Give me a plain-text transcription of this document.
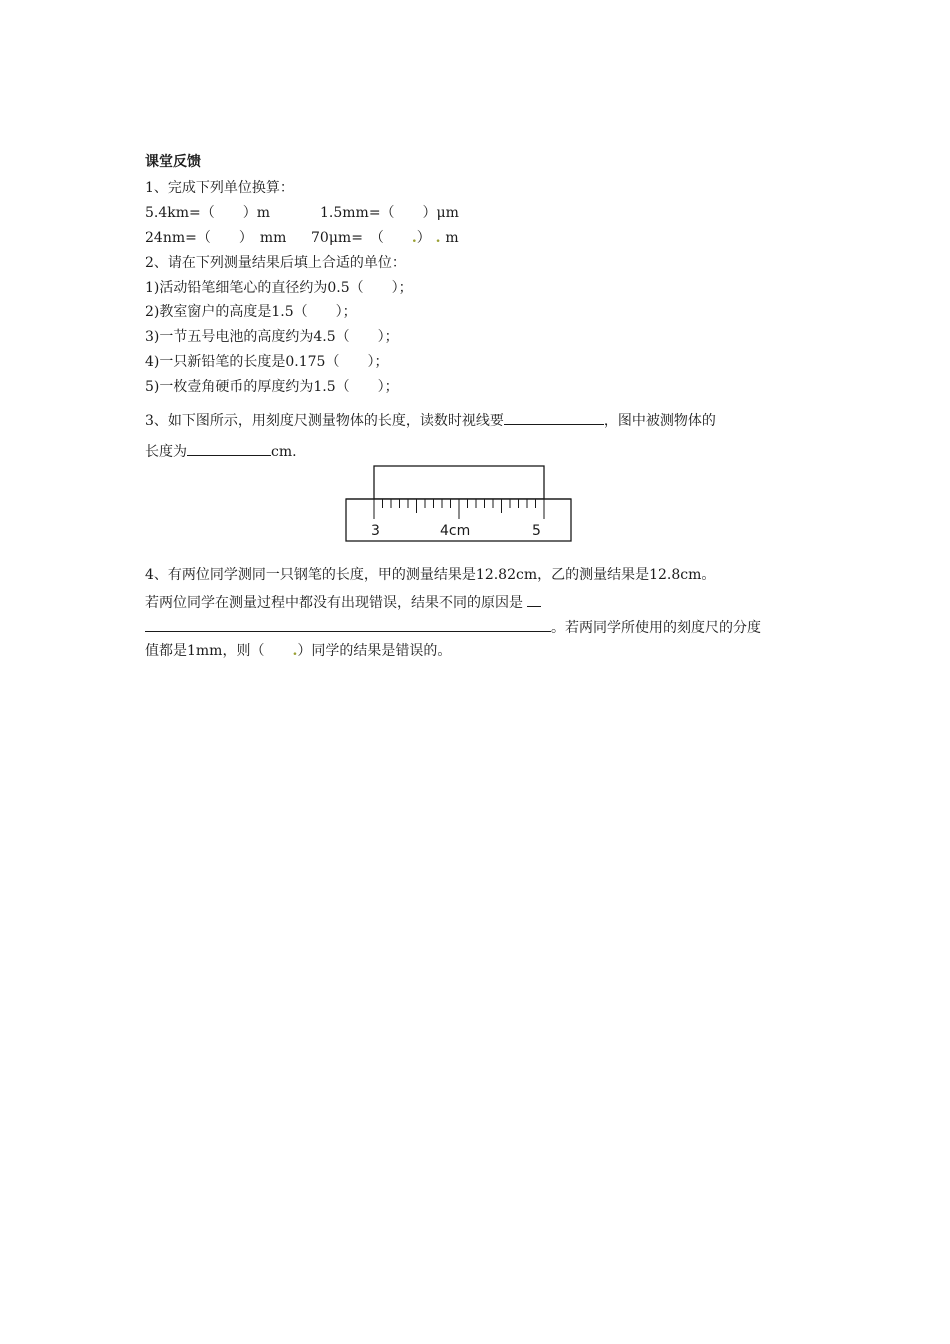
课堂反馈
1、完成下列单位换算：
5.4km=（　　）m	1.5mm=（　　）μm
24nm=（　　）　mm 70μm=　（　　.） . m
2、请在下列测量结果后填上合适的单位：
1)活动铅笔细笔心的直径约为0.5（　　）；
2)教室窗户的高度是1.5（　　）；
3)一节五号电池的高度约为4.5（　　）；
4)一只新铅笔的长度是0.175（　　）；
5)一枚壹角硬币的厚度约为1.5（　　）；
3、如下图所示，用刻度尺测量物体的长度，读数时视线要	，图中被测物体的
长度为	cm.
3	4cm	5
4、有两位同学测同一只钢笔的长度，甲的测量结果是12.82cm，乙的测量结果是12.8cm。
若两位同学在测量过程中都没有出现错误，结果不同的原因是
。若两同学所使用的刻度尺的分度
值都是1mm，则（　　.）同学的结果是错误的。
